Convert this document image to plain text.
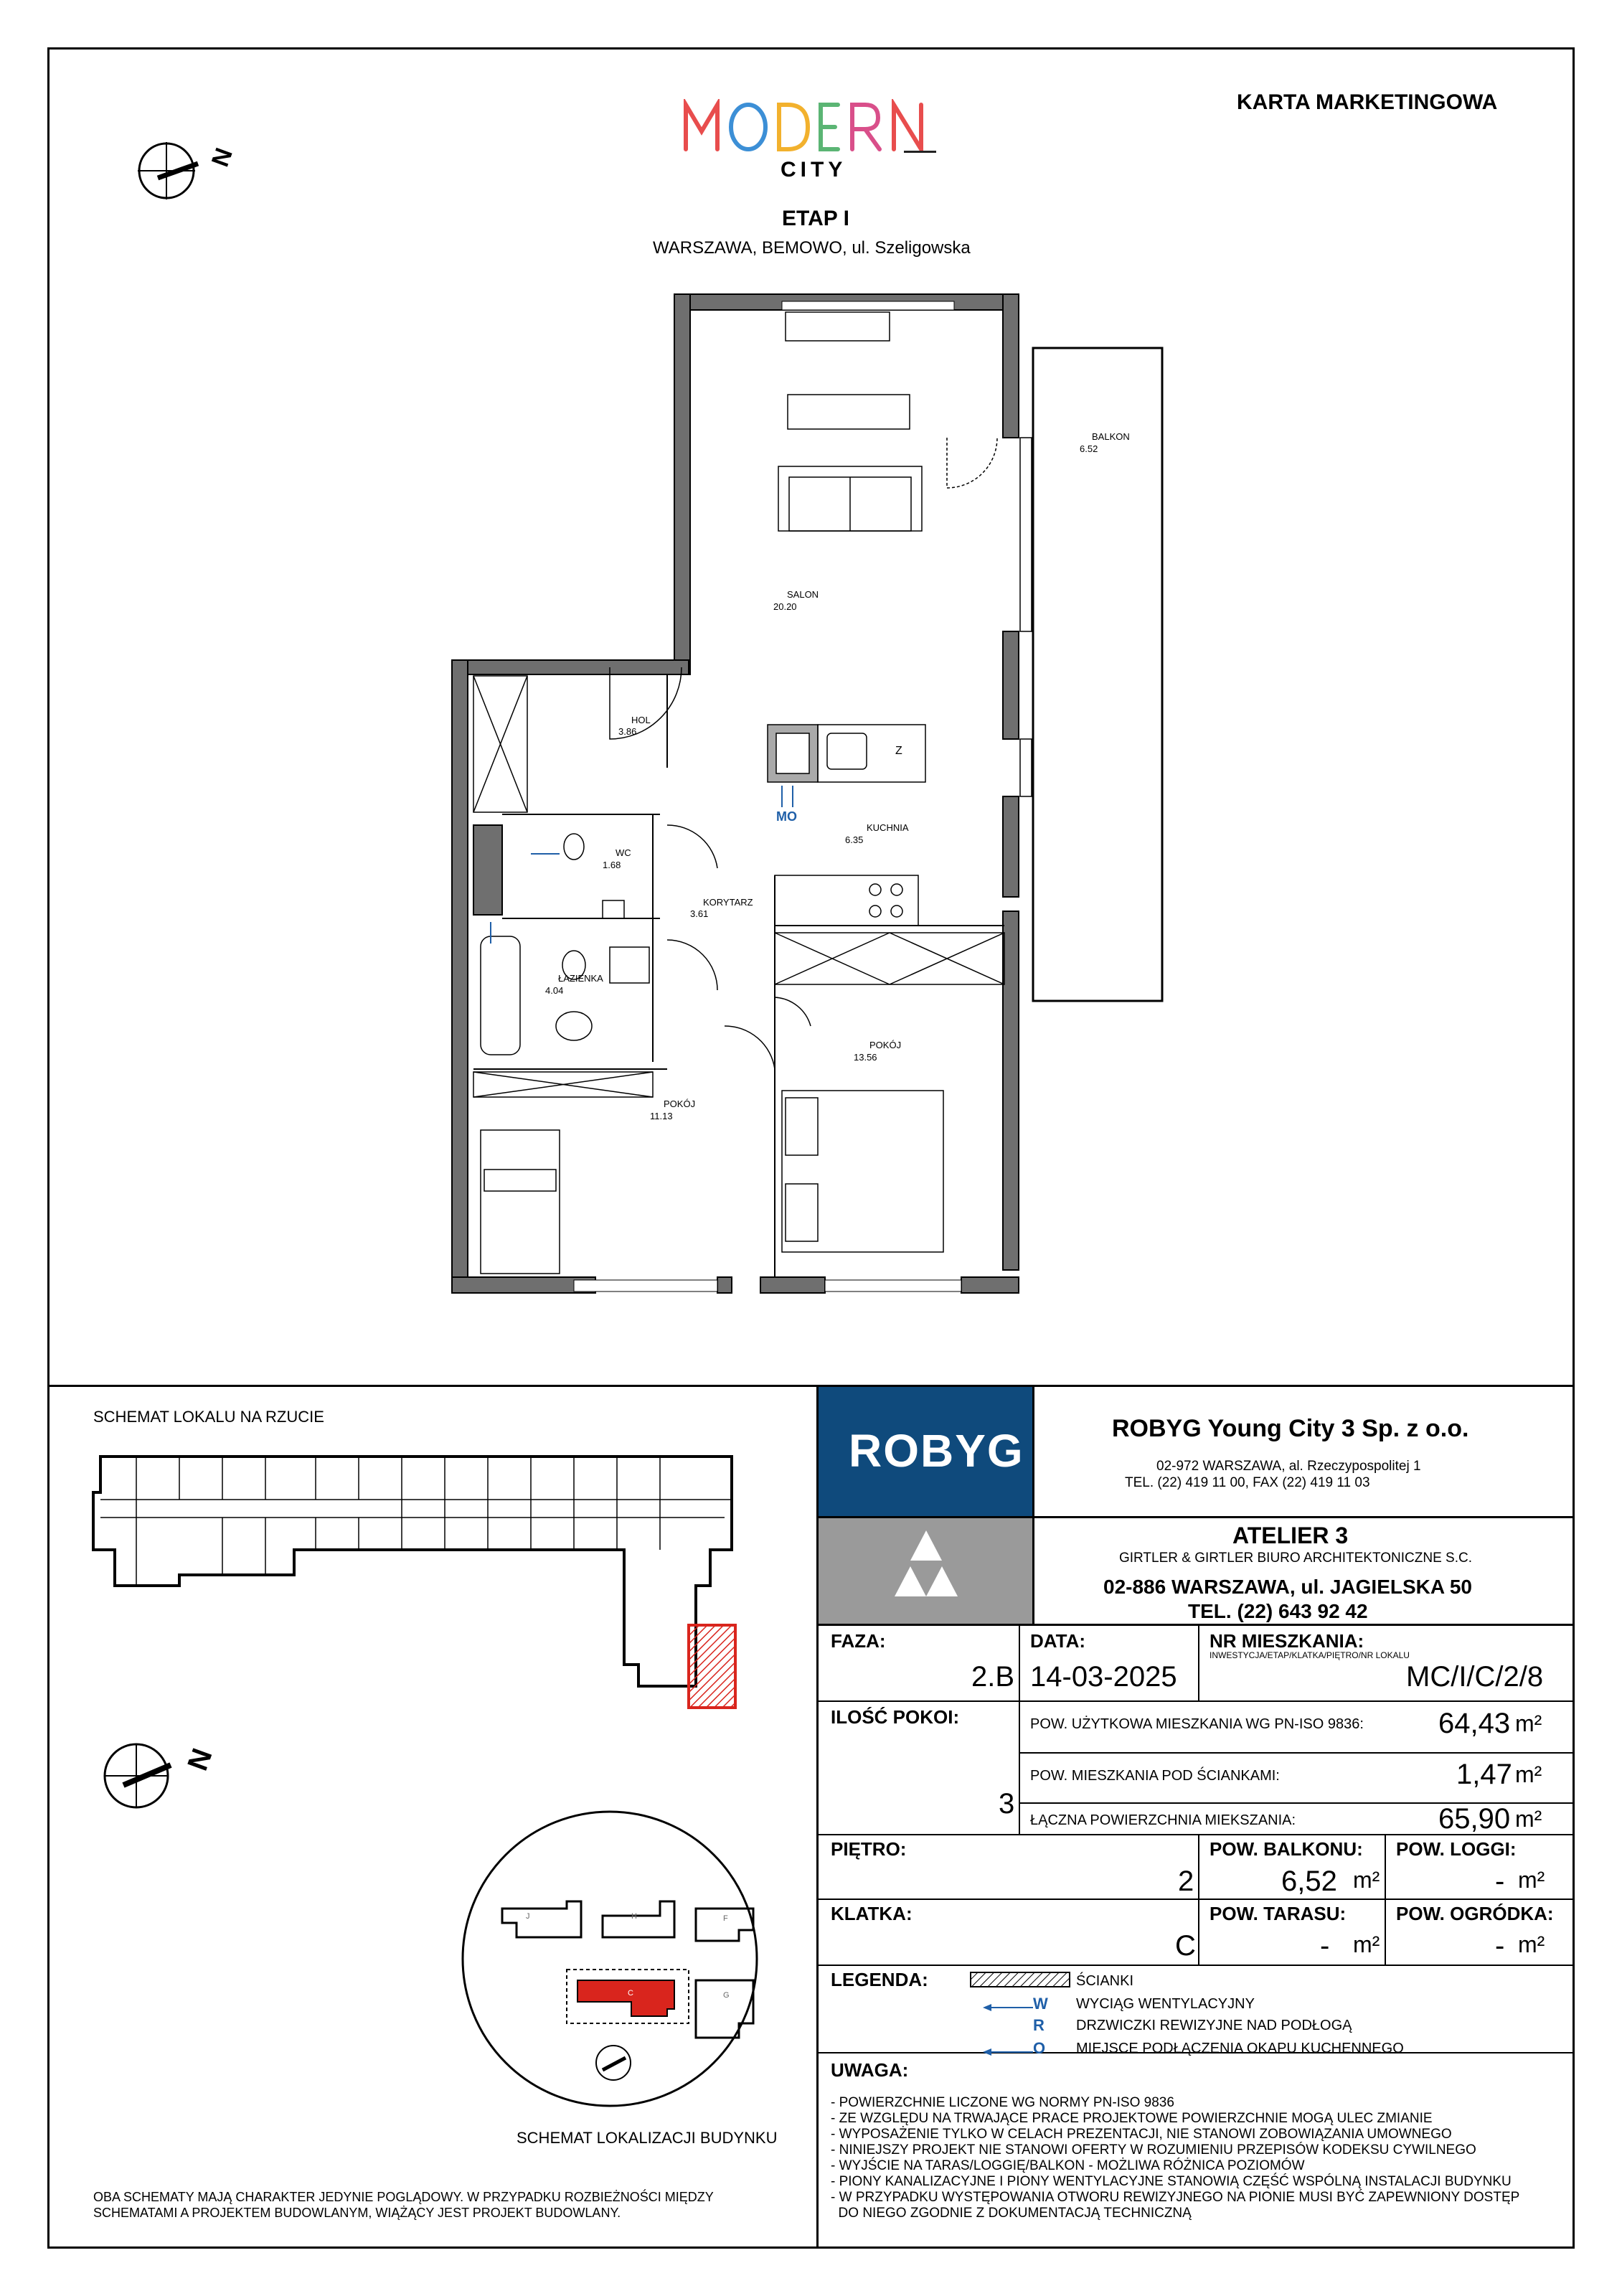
KARTA MARKETINGOWA
CITY
ETAP I
WARSZAWA, BEMOWO, ul. Szeligowska
N
BALKON
6.52
SALON
20.20
HOL
3.86
WC
1.68
KUCHNIA
6.35
KORYTARZ
3.61
ŁAZIENKA
4.04
POKÓJ
13.56
POKÓJ
11.13
Z
MO
SCHEMAT LOKALU NA RZUCIE
N
J	H	F
C	G
SCHEMAT LOKALIZACJI BUDYNKU
OBA SCHEMATY MAJĄ CHARAKTER JEDYNIE POGLĄDOWY. W PRZYPADKU ROZBIEŻNOŚCI MIĘDZY
SCHEMATAMI A PROJEKTEM BUDOWLANYM, WIĄŻĄCY JEST PROJEKT BUDOWLANY.
ROBYG	ROBYG Young City 3 Sp. z o.o.
02-972 WARSZAWA, al. Rzeczypospolitej 1
TEL. (22) 419 11 00, FAX (22) 419 11 03
ATELIER 3
GIRTLER & GIRTLER BIURO ARCHITEKTONICZNE S.C.
02-886 WARSZAWA, ul. JAGIELSKA 50
TEL. (22) 643 92 42
FAZA:
2.B
DATA:
14-03-2025
NR MIESZKANIA:
INWESTYCJA/ETAP/KLATKA/PIĘTRO/NR LOKALU
MC/I/C/2/8
ILOŚĆ POKOI:
3
POW. UŻYTKOWA MIESZKANIA WG PN-ISO 9836:	64,43 m²
POW. MIESZKANIA POD ŚCIANKAMI:	1,47 m²
ŁĄCZNA POWIERZCHNIA MIEKSZANIA:	65,90 m²
PIĘTRO:
2
POW. BALKONU:
6,52 m²
POW. LOGGI:
- m²
KLATKA:
C
POW. TARASU:
- m²
POW. OGRÓDKA:
- m²
LEGENDA:	ŚCIANKI
W WYCIĄG WENTYLACYJNY
R DRZWICZKI REWIZYJNE NAD PODŁOGĄ
O MIEJSCE PODŁĄCZENIA OKAPU KUCHENNEGO
UWAGA:
- POWIERZCHNIE LICZONE WG NORMY PN-ISO 9836
- ZE WZGLĘDU NA TRWAJĄCE PRACE PROJEKTOWE POWIERZCHNIE MOGĄ ULEC ZMIANIE
- WYPOSAŻENIE TYLKO W CELACH PREZENTACJI, NIE STANOWI ZOBOWIĄZANIA UMOWNEGO
- NINIEJSZY PROJEKT NIE STANOWI OFERTY W ROZUMIENIU PRZEPISÓW KODEKSU CYWILNEGO
- WYJŚCIE NA TARAS/LOGGIĘ/BALKON - MOŻLIWA RÓŻNICA POZIOMÓW
- PIONY KANALIZACYJNE I PIONY WENTYLACYJNE STANOWIĄ CZĘŚĆ WSPÓLNĄ INSTALACJI BUDYNKU
- W PRZYPADKU WYSTĘPOWANIA OTWORU REWIZYJNEGO NA PIONIE MUSI BYĆ ZAPEWNIONY DOSTĘP
DO NIEGO ZGODNIE Z DOKUMENTACJĄ TECHNICZNĄ
